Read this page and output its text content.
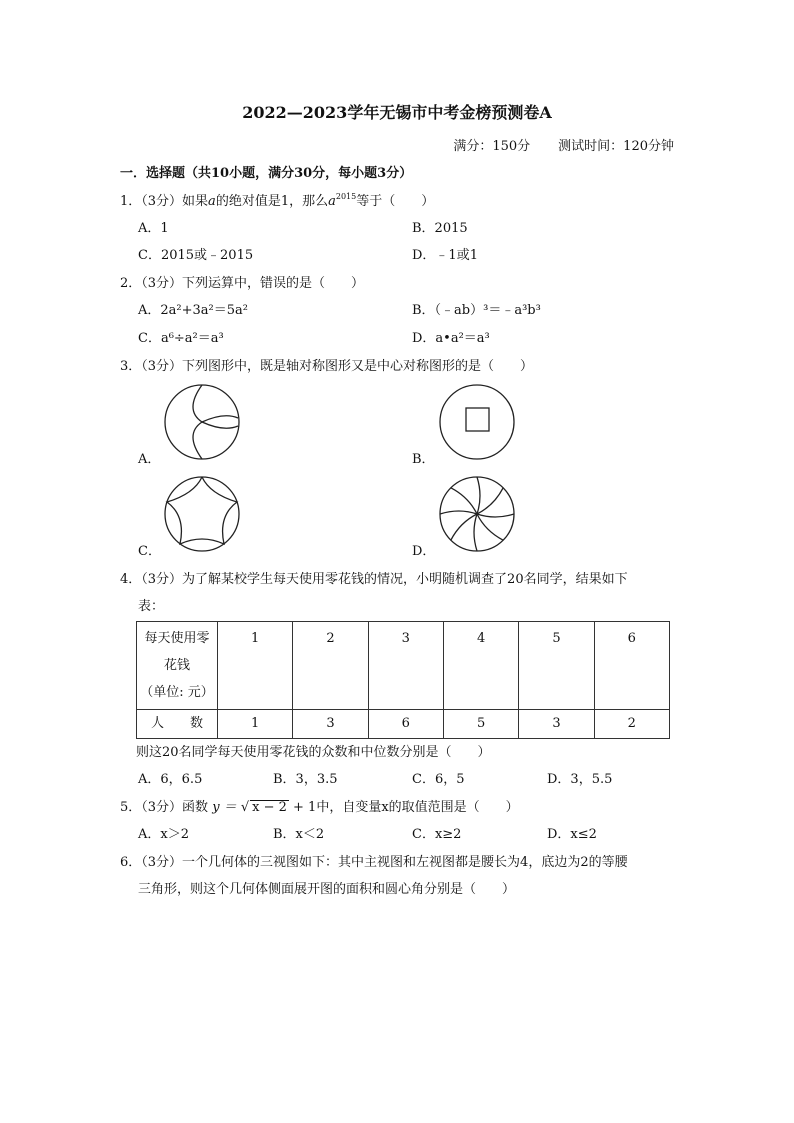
2022—2023学年无锡市中考金榜预测卷A
满分：150分 测试时间：120分钟
一．选择题（共10小题，满分30分，每小题3分）
1．（3分）如果a的绝对值是1，那么$a^{2015}$等于（　　）
A．1	B．2015
C．2015或﹣2015	D．﹣1或1
2．（3分）下列运算中，错误的是（　　）
A．2a²+3a²＝5a²	B．（﹣ab）³＝﹣a³b³
C．a⁶÷a²＝a³	D．a•a²＝a³
3．（3分）下列图形中，既是轴对称图形又是中心对称图形的是（　　）
A．	B．
C．	D．
4．（3分）为了解某校学生每天使用零花钱的情况，小明随机调查了20名同学，结果如下
表：
每天使用零
花钱
（单位: 元）	1	2	3	4	5	6
人　　数	1	3	6	5	3	2
则这20名同学每天使用零花钱的众数和中位数分别是（　　）
A．6，6.5	B．3，3.5	C．6，5	D．3，5.5
5．（3分）函数 y ＝ √ x − 2 + 1中，自变量x的取值范围是（　　）
A．x＞2	B．x＜2	C．x≥2	D．x≤2
6．（3分）一个几何体的三视图如下：其中主视图和左视图都是腰长为4，底边为2的等腰
三角形，则这个几何体侧面展开图的面积和圆心角分别是（　　）
